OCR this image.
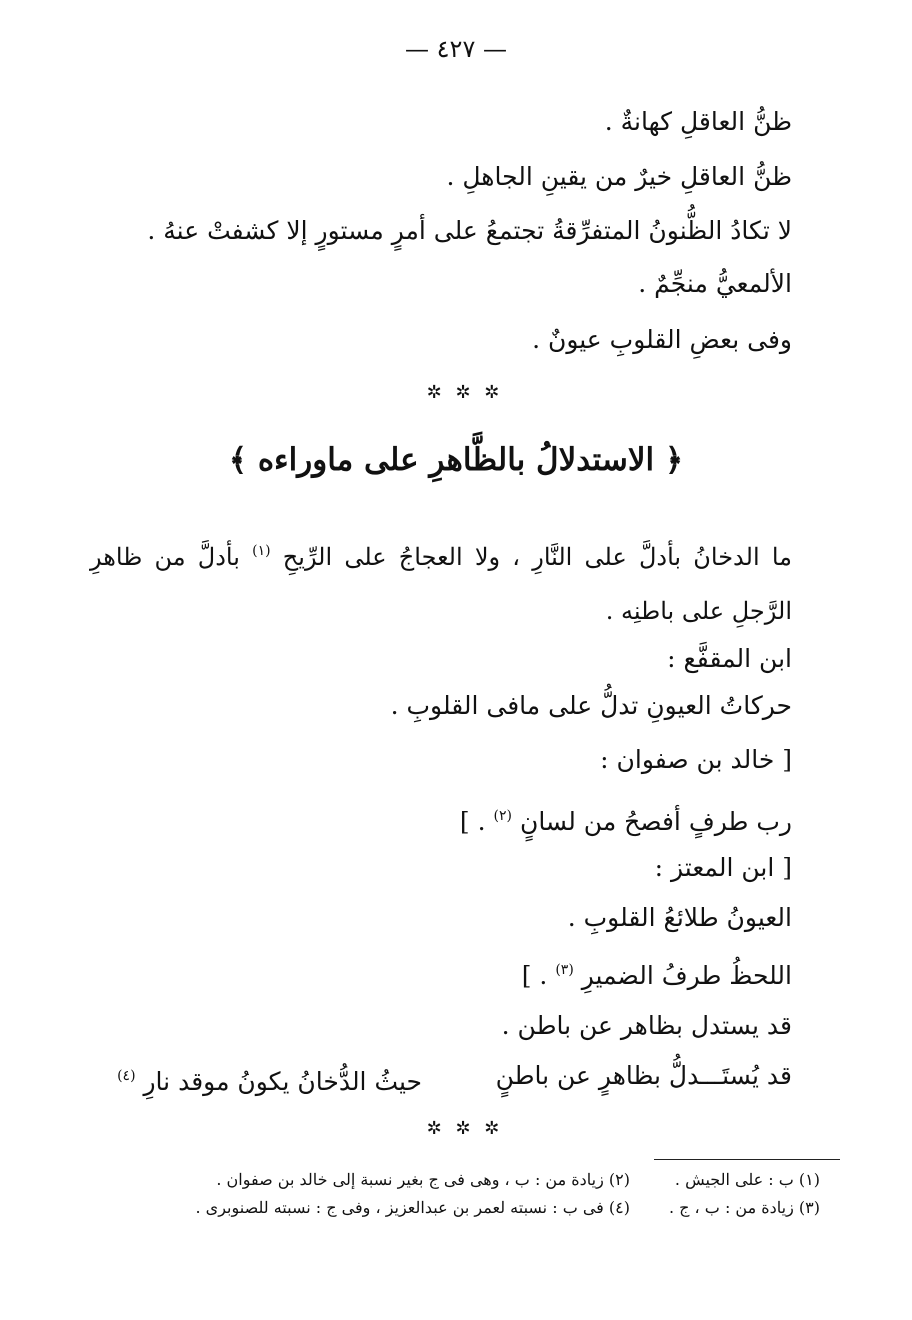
— ٤٢٧ —
ظنُّ العاقلِ كهانةٌ .
ظنُّ العاقلِ خيرٌ من يقينِ الجاهلِ .
لا تكادُ الظُّنونُ المتفرِّقةُ تجتمعُ على أمرٍ مستورٍ إلا كشفتْ عنهُ .
الألمعيُّ منجِّمٌ .
وفى بعضِ القلوبِ عيونٌ .
✲ ✲ ✲
﴿ الاستدلالُ بالظَّاهرِ على ماوراءه ﴾
ما الدخانُ بأدلَّ على النَّارِ ، ولا العجاجُ على الرِّيحِ $^{(١)}$ بأدلَّ من ظاهرِ الرَّجلِ على باطنِه .
ابن المقفَّع :
حركاتُ العيونِ تدلُّ على مافى القلوبِ .
[ خالد بن صفوان :
رب طرفٍ أفصحُ من لسانٍ $^{(٢)}$ . ]
[ ابن المعتز :
العيونُ طلائعُ القلوبِ .
اللحظُ طرفُ الضميرِ $^{(٣)}$ . ]
قد يستدل بظاهر عن باطن .
قد يُستَـــدلُّ بظاهرٍ عن باطنٍ
حيثُ الدُّخانُ يكونُ موقد نارِ $^{(٤)}$
✲ ✲ ✲
(١) ب : على الجيش .
(٢) زيادة من : ب ، وهى فى ج بغير نسبة إلى خالد بن صفوان .
(٣) زيادة من : ب ، ج .
(٤) فى ب : نسبته لعمر بن عبدالعزيز ، وفى ج : نسبته للصنوبرى .
